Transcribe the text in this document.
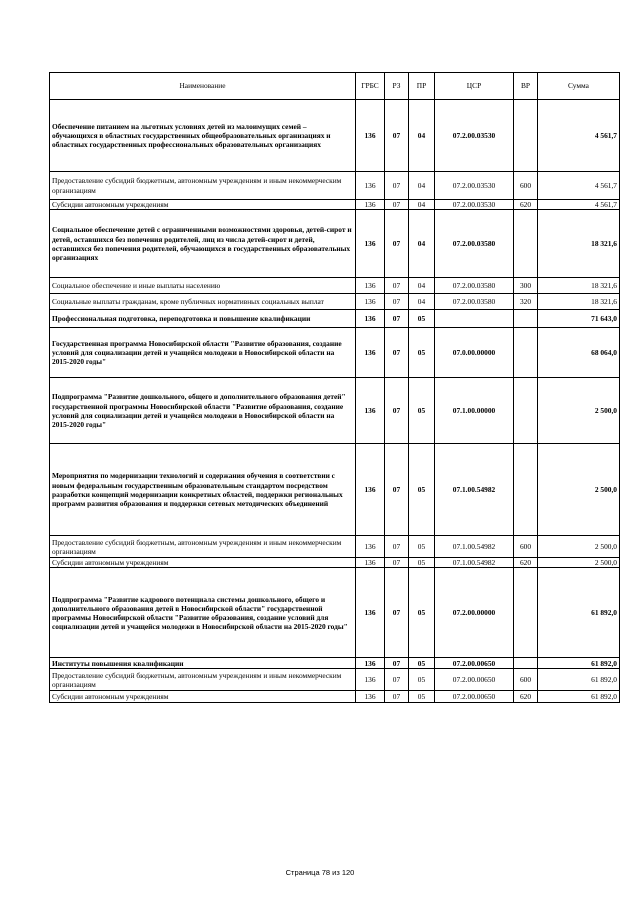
Наименование	ГРБС	РЗ	ПР	ЦСР	ВР	Сумма
Обеспечение питанием на льготных условиях детей из малоимущих семей – обучающихся в областных государственных общеобразовательных организациях и областных государственных профессиональных образовательных организациях	136	07	04	07.2.00.03530		4 561,7
Предоставление субсидий бюджетным, автономным учреждениям и иным некоммерческим организациям	136	07	04	07.2.00.03530	600	4 561,7
Субсидии автономным учреждениям	136	07	04	07.2.00.03530	620	4 561,7
Социальное обеспечение детей с ограниченными возможностями здоровья, детей-сирот и детей, оставшихся без попечения родителей, лиц из числа детей-сирот и детей, оставшихся без попечения родителей, обучающихся в государственных образовательных организациях	136	07	04	07.2.00.03580		18 321,6
Социальное обеспечение и иные выплаты населению	136	07	04	07.2.00.03580	300	18 321,6
Социальные выплаты гражданам, кроме публичных нормативных социальных выплат	136	07	04	07.2.00.03580	320	18 321,6
Профессиональная подготовка, переподготовка и повышение квалификации	136	07	05			71 643,0
Государственная программа Новосибирской области "Развитие образования, создание условий для социализации детей и учащейся молодежи в Новосибирской области на 2015-2020 годы"	136	07	05	07.0.00.00000		68 064,0
Подпрограмма "Развитие дошкольного, общего и дополнительного образования детей" государственной программы Новосибирской области "Развитие образования, создание условий для социализации детей и учащейся молодежи в Новосибирской области на 2015-2020 годы"	136	07	05	07.1.00.00000		2 500,0
Мероприятия по модернизации технологий и содержания обучения в соответствии с новым федеральным государственным образовательным стандартом посредством разработки концепций модернизации конкретных областей, поддержки региональных программ развития образования и поддержки сетевых методических объединений	136	07	05	07.1.00.54982		2 500,0
Предоставление субсидий бюджетным, автономным учреждениям и иным некоммерческим организациям	136	07	05	07.1.00.54982	600	2 500,0
Субсидии автономным учреждениям	136	07	05	07.1.00.54982	620	2 500,0
Подпрограмма "Развитие кадрового потенциала системы дошкольного, общего и дополнительного образования детей в Новосибирской области" государственной программы Новосибирской области "Развитие образования, создание условий для социализации детей и учащейся молодежи в Новосибирской области на 2015-2020 годы"	136	07	05	07.2.00.00000		61 892,0
Институты повышения квалификации	136	07	05	07.2.00.00650		61 892,0
Предоставление субсидий бюджетным, автономным учреждениям и иным некоммерческим организациям	136	07	05	07.2.00.00650	600	61 892,0
Субсидии автономным учреждениям	136	07	05	07.2.00.00650	620	61 892,0
Страница 78 из 120
